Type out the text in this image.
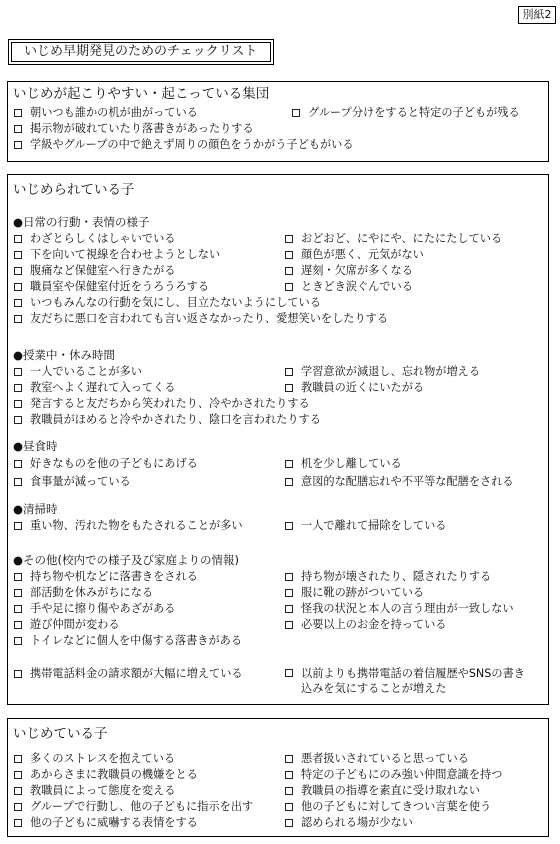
別紙2
いじめ早期発見のためのチェックリスト
いじめが起こりやすい・起こっている集団
朝いつも誰かの机が曲がっている	グループ分けをすると特定の子どもが残る
掲示物が破れていたり落書きがあったりする
学級やグループの中で絶えず周りの顔色をうかがう子どもがいる
いじめられている子
●日常の行動・表情の様子
わざとらしくはしゃいでいる	おどおど、にやにや、にたにたしている
下を向いて視線を合わせようとしない	顔色が悪く、元気がない
腹痛など保健室へ行きたがる	遅刻・欠席が多くなる
職員室や保健室付近をうろうろする	ときどき涙ぐんでいる
いつもみんなの行動を気にし、目立たないようにしている
友だちに悪口を言われても言い返さなかったり、愛想笑いをしたりする
●授業中・休み時間
一人でいることが多い	学習意欲が減退し、忘れ物が増える
教室へよく遅れて入ってくる	教職員の近くにいたがる
発言すると友だちから笑われたり、冷やかされたりする
教職員がほめると冷やかされたり、陰口を言われたりする
●昼食時
好きなものを他の子どもにあげる	机を少し離している
食事量が減っている	意図的な配膳忘れや不平等な配膳をされる
●清掃時
重い物、汚れた物をもたされることが多い	一人で離れて掃除をしている
●その他(校内での様子及び家庭よりの情報)
持ち物や机などに落書きをされる	持ち物が壊されたり、隠されたりする
部活動を休みがちになる	服に靴の跡がついている
手や足に擦り傷やあざがある	怪我の状況と本人の言う理由が一致しない
遊び仲間が変わる	必要以上のお金を持っている
トイレなどに個人を中傷する落書きがある
携帯電話料金の請求額が大幅に増えている	以前よりも携帯電話の着信履歴やSNSの書き込みを気にすることが増えた
いじめている子
多くのストレスを抱えている	悪者扱いされていると思っている
あからさまに教職員の機嫌をとる	特定の子どもにのみ強い仲間意識を持つ
教職員によって態度を変える	教職員の指導を素直に受け取れない
グループで行動し、他の子どもに指示を出す	他の子どもに対してきつい言葉を使う
他の子どもに威嚇する表情をする	認められる場が少ない
